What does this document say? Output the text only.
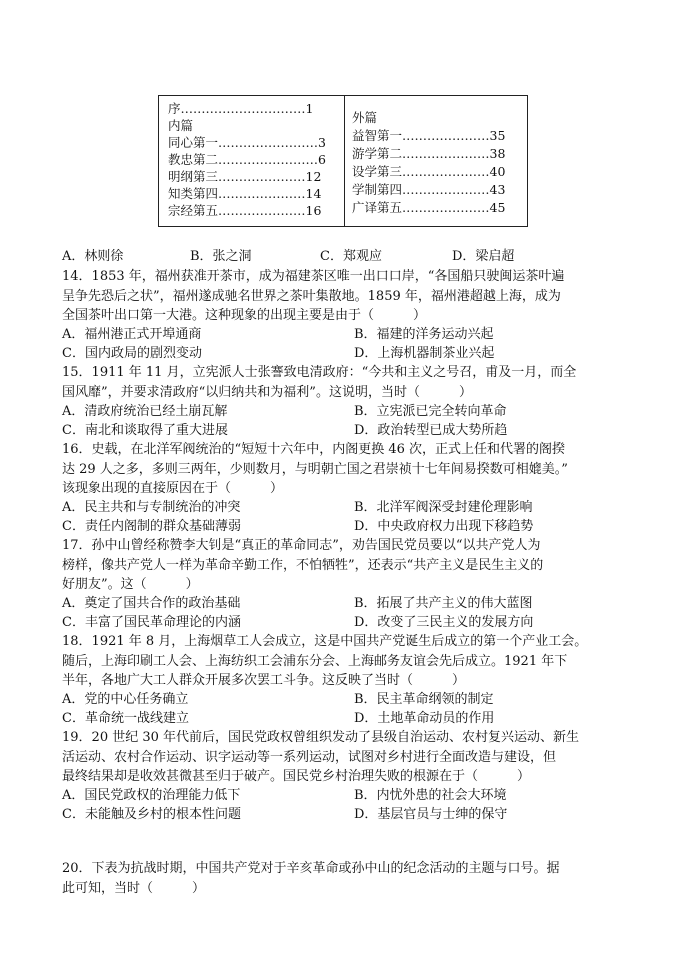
序…………………………1
内篇
同心第一……………………3
教忠第二……………………6
明纲第三…………………12
知类第四…………………14
宗经第五…………………16
外篇
益智第一…………………35
游学第二…………………38
设学第三…………………40
学制第四…………………43
广译第五…………………45
A．林则徐	B．张之洞	C．郑观应	D．梁启超
14．1853 年，福州获准开茶市，成为福建茶区唯一出口口岸，“各国船只驶闽运茶叶遍
呈争先恐后之状”，福州遂成驰名世界之茶叶集散地。1859 年，福州港超越上海，成为
全国茶叶出口第一大港。这种现象的出现主要是由于（　　　）
A．福州港正式开埠通商	B．福建的洋务运动兴起
C．国内政局的剧烈变动	D．上海机器制茶业兴起
15．1911 年 11 月，立宪派人士张謇致电清政府：“今共和主义之号召，甫及一月，而全
国风靡”，并要求清政府“以归纳共和为福利”。这说明，当时（　　　）
A．清政府统治已经土崩瓦解	B．立宪派已完全转向革命
C．南北和谈取得了重大进展	D．政治转型已成大势所趋
16．史载，在北洋军阀统治的“短短十六年中，内阁更换 46 次，正式上任和代署的阁揆
达 29 人之多，多则三两年，少则数月，与明朝亡国之君崇祯十七年间易揆数可相媲美。”
该现象出现的直接原因在于（　　　）
A．民主共和与专制统治的冲突	B．北洋军阀深受封建伦理影响
C．责任内阁制的群众基础薄弱	D．中央政府权力出现下移趋势
17．孙中山曾经称赞李大钊是“真正的革命同志”，劝告国民党员要以“以共产党人为
榜样，像共产党人一样为革命辛勤工作，不怕牺牲”，还表示“共产主义是民生主义的
好朋友”。这（　　　）
A．奠定了国共合作的政治基础	B．拓展了共产主义的伟大蓝图
C．丰富了国民革命理论的内涵	D．改变了三民主义的发展方向
18．1921 年 8 月，上海烟草工人会成立，这是中国共产党诞生后成立的第一个产业工会。
随后，上海印刷工人会、上海纺织工会浦东分会、上海邮务友谊会先后成立。1921 年下
半年，各地广大工人群众开展多次罢工斗争。这反映了当时（　　　）
A．党的中心任务确立	B．民主革命纲领的制定
C．革命统一战线建立	D．土地革命动员的作用
19．20 世纪 30 年代前后，国民党政权曾组织发动了县级自治运动、农村复兴运动、新生
活运动、农村合作运动、识字运动等一系列运动，试图对乡村进行全面改造与建设，但
最终结果却是收效甚微甚至归于破产。国民党乡村治理失败的根源在于（　　　）
A．国民党政权的治理能力低下	B．内忧外患的社会大环境
C．未能触及乡村的根本性问题	D．基层官员与士绅的保守
20．下表为抗战时期，中国共产党对于辛亥革命或孙中山的纪念活动的主题与口号。据
此可知，当时（　　　）
